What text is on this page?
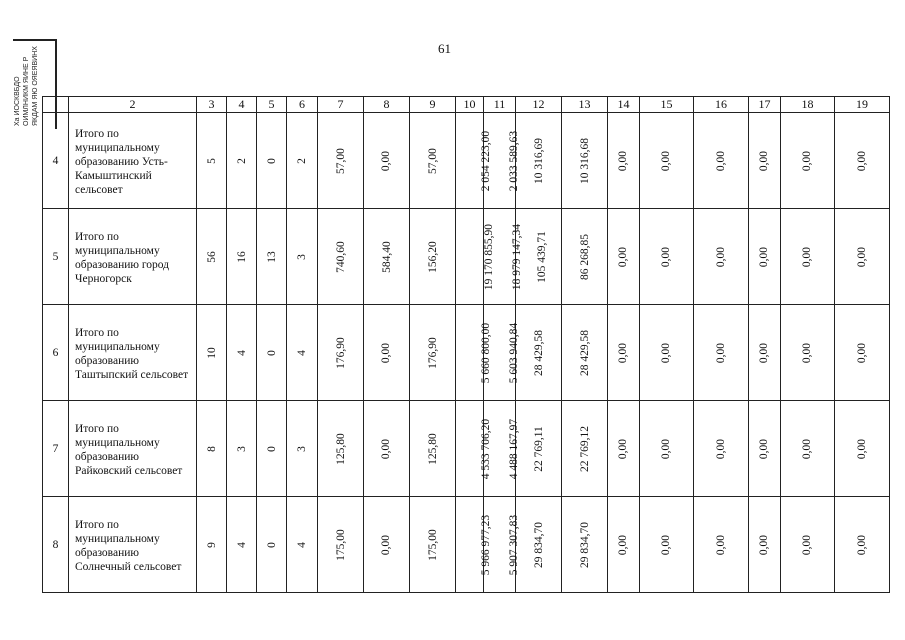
61
Ха ИОСКВБДО ОИМЛНИКМ ЯИНЕ Р ЯКДАМ ЯЮ ОЯЕЯВИНХ
		2	3	4	5	6	7	8	9	10	11	12	13	14	15	16	17	18	19
4	Итого по муниципальному образованию Усть-Камыштинский сельсовет	5	2	0	2	57,00	0,00	57,00	2 054 223,00	2 033 589,63	10 316,69	10 316,68	0,00	0,00	0,00	0,00	0,00	0,00
5	Итого по муниципальному образованию город Черногорск	56	16	13	3	740,60	584,40	156,20	19 170 855,90	18 979 147,34	105 439,71	86 268,85	0,00	0,00	0,00	0,00	0,00	0,00
6	Итого по муниципальному образованию Таштыпский сельсовет	10	4	0	4	176,90	0,00	176,90	5 660 800,00	5 603 940,84	28 429,58	28 429,58	0,00	0,00	0,00	0,00	0,00	0,00
7	Итого по муниципальному образованию Райковский сельсовет	8	3	0	3	125,80	0,00	125,80	4 533 706,20	4 488 167,97	22 769,11	22 769,12	0,00	0,00	0,00	0,00	0,00	0,00
8	Итого по муниципальному образованию Солнечный сельсовет	9	4	0	4	175,00	0,00	175,00	5 966 977,23	5 907 307,83	29 834,70	29 834,70	0,00	0,00	0,00	0,00	0,00	0,00
